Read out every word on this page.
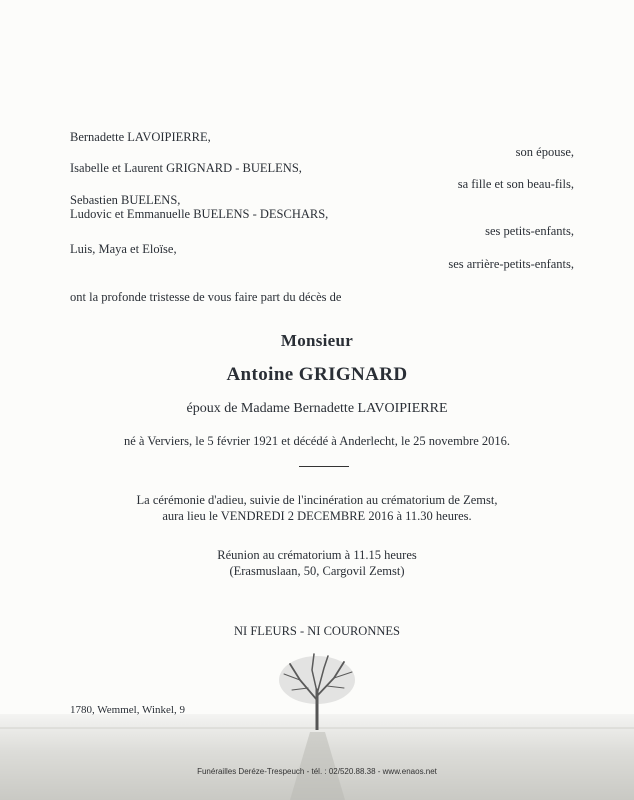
Bernadette LAVOIPIERRE,
son épouse,
Isabelle et Laurent GRIGNARD - BUELENS,
sa fille et son beau-fils,
Sebastien BUELENS,
Ludovic et Emmanuelle BUELENS - DESCHARS,
ses petits-enfants,
Luis, Maya et Eloïse,
ses arrière-petits-enfants,
ont la profonde tristesse de vous faire part du décès de
Monsieur
Antoine GRIGNARD
époux de Madame Bernadette LAVOIPIERRE
né à Verviers, le 5 février 1921 et décédé à Anderlecht, le 25 novembre 2016.
La cérémonie d'adieu, suivie de l'incinération au crématorium de Zemst,
aura lieu le VENDREDI 2 DECEMBRE 2016 à 11.30 heures.
Réunion au crématorium à 11.15 heures
(Erasmuslaan, 50, Cargovil Zemst)
NI FLEURS - NI COURONNES
1780, Wemmel, Winkel, 9
Funérailles Deréze-Trespeuch - tél. : 02/520.88.38 - www.enaos.net
